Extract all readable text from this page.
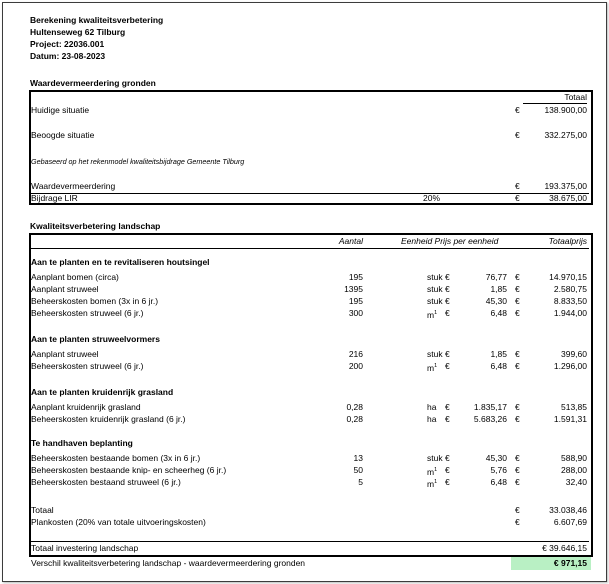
Berekening kwaliteitsverbetering
Hultenseweg 62 Tilburg
Project: 22036.001
Datum: 23-08-2023
Waardevermeerdering gronden
Totaal
Huidige situatie	€	138.900,00
Beoogde situatie	€	332.275,00
Gebaseerd op het rekenmodel kwaliteitsbijdrage Gemeente Tilburg
Waardevermeerdering	€	193.375,00
Bijdrage LIR	20%	€	38.675,00
Kwaliteitsverbetering landschap
Aantal	Eenheid Prijs per eenheid	Totaalprijs
Aan te planten en te revitaliseren houtsingel
Aanplant bomen (circa)	195	stuk €	76,77 €	14.970,15
Aanplant struweel	1395	stuk €	1,85 €	2.580,75
Beheerskosten bomen (3x in 6 jr.)	195	stuk €	45,30 €	8.833,50
Beheerskosten struweel (6 jr.)	300	$m^1$ €	6,48 €	1.944,00
Aan te planten struweelvormers
Aanplant struweel	216	stuk €	1,85 €	399,60
Beheerskosten struweel (6 jr.)	200	$m^1$ €	6,48 €	1.296,00
Aan te planten kruidenrijk grasland
Aanplant kruidenrijk grasland	0,28	ha €	1.835,17 €	513,85
Beheerskosten kruidenrijk grasland (6 jr.)	0,28	ha €	5.683,26 €	1.591,31
Te handhaven beplanting
Beheerskosten bestaande bomen (3x in 6 jr.)	13	stuk €	45,30 €	588,90
Beheerskosten bestaande knip- en scheerheg (6 jr.)	50	$m^1$ €	5,76 €	288,00
Beheerskosten bestaand struweel (6 jr.)	5	$m^1$ €	6,48 €	32,40
Totaal	€	33.038,46
Plankosten (20% van totale uitvoeringskosten)	€	6.607,69
Totaal investering landschap	€ 39.646,15
Verschil kwaliteitsverbetering landschap - waardevermeerdering gronden	€ 971,15
